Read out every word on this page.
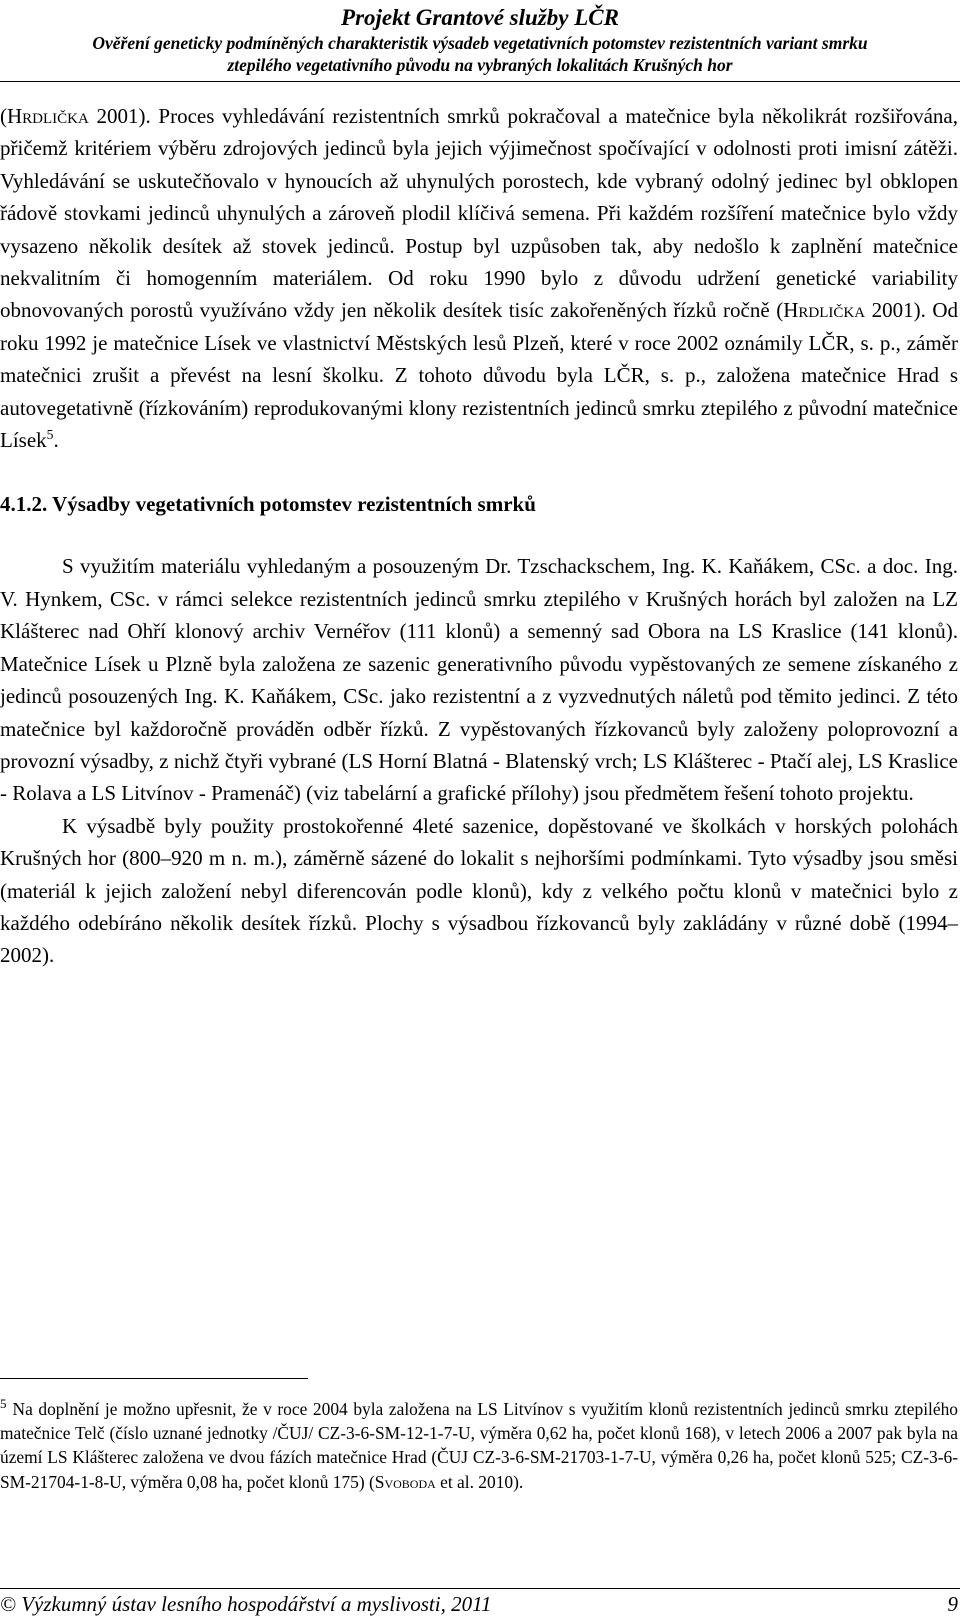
Projekt Grantové služby LČR
Ověření geneticky podmíněných charakteristik výsadeb vegetativních potomstev rezistentních variant smrku
ztepilého vegetativního původu na vybraných lokalitách Krušných hor

(Hrdlička 2001). Proces vyhledávání rezistentních smrků pokračoval a matečnice byla několikrát rozšiřována, přičemž kritériem výběru zdrojových jedinců byla jejich výjimečnost spočívající v odolnosti proti imisní zátěži. Vyhledávání se uskutečňovalo v hynoucích až uhynulých porostech, kde vybraný odolný jedinec byl obklopen řádově stovkami jedinců uhynulých a zároveň plodil klíčivá semena. Při každém rozšíření matečnice bylo vždy vysazeno několik desítek až stovek jedinců. Postup byl uzpůsoben tak, aby nedošlo k zaplnění matečnice nekvalitním či homogenním materiálem. Od roku 1990 bylo z důvodu udržení genetické variability obnovovaných porostů využíváno vždy jen několik desítek tisíc zakořeněných řízků ročně (Hrdlička 2001). Od roku 1992 je matečnice Lísek ve vlastnictví Městských lesů Plzeň, které v roce 2002 oznámily LČR, s. p., záměr matečnici zrušit a převést na lesní školku. Z tohoto důvodu byla LČR, s. p., založena matečnice Hrad s autovegetativně (řízkováním) reprodukovanými klony rezistentních jedinců smrku ztepilého z původní matečnice Lísek$^5$.

4.1.2. Výsadby vegetativních potomstev rezistentních smrků

S využitím materiálu vyhledaným a posouzeným Dr. Tzschackschem, Ing. K. Kaňákem, CSc. a doc. Ing. V. Hynkem, CSc. v rámci selekce rezistentních jedinců smrku ztepilého v Krušných horách byl založen na LZ Klášterec nad Ohří klonový archiv Vernéřov (111 klonů) a semenný sad Obora na LS Kraslice (141 klonů). Matečnice Lísek u Plzně byla založena ze sazenic generativního původu vypěstovaných ze semene získaného z jedinců posouzených Ing. K. Kaňákem, CSc. jako rezistentní a z vyzvednutých náletů pod těmito jedinci. Z této matečnice byl každoročně prováděn odběr řízků. Z vypěstovaných řízkovanců byly založeny poloprovozní a provozní výsadby, z nichž čtyři vybrané (LS Horní Blatná - Blatenský vrch; LS Klášterec - Ptačí alej, LS Kraslice - Rolava a LS Litvínov - Pramenáč) (viz tabelární a grafické přílohy) jsou předmětem řešení tohoto projektu.

K výsadbě byly použity prostokořenné 4leté sazenice, dopěstované ve školkách v horských polohách Krušných hor (800–920 m n. m.), záměrně sázené do lokalit s nejhoršími podmínkami. Tyto výsadby jsou směsi (materiál k jejich založení nebyl diferencován podle klonů), kdy z velkého počtu klonů v matečnici bylo z každého odebíráno několik desítek řízků. Plochy s výsadbou řízkovanců byly zakládány v různé době (1994–2002).

$^5$ Na doplnění je možno upřesnit, že v roce 2004 byla založena na LS Litvínov s využitím klonů rezistentních jedinců smrku ztepilého matečnice Telč (číslo uznané jednotky /ČUJ/ CZ-3-6-SM-12-1-7-U, výměra 0,62 ha, počet klonů 168), v letech 2006 a 2007 pak byla na území LS Klášterec založena ve dvou fázích matečnice Hrad (ČUJ CZ-3-6-SM-21703-1-7-U, výměra 0,26 ha, počet klonů 525; CZ-3-6-SM-21704-1-8-U, výměra 0,08 ha, počet klonů 175) (Svoboda et al. 2010).

© Výzkumný ústav lesního hospodářství a myslivosti, 2011	9
